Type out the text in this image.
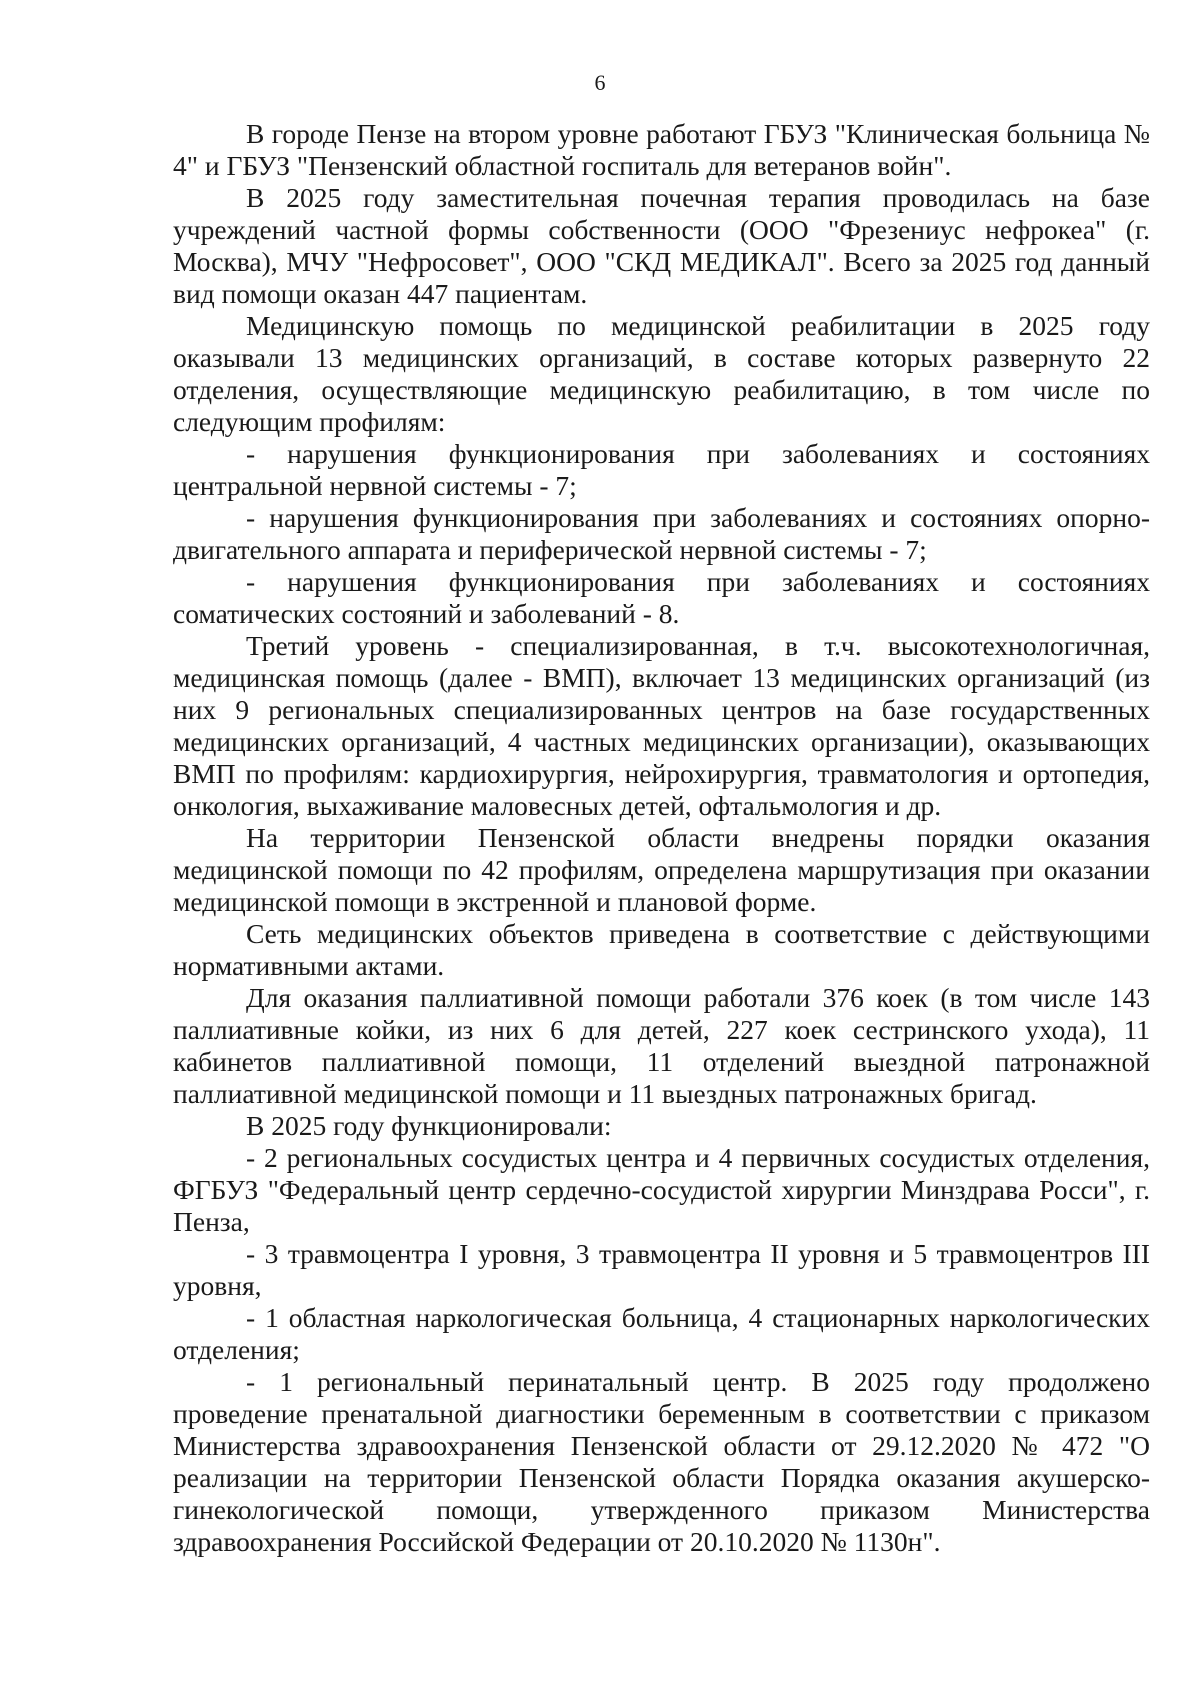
6

В городе Пензе на втором уровне работают ГБУЗ "Клиническая больница № 4" и ГБУЗ "Пензенский областной госпиталь для ветеранов войн".

В 2025 году заместительная почечная терапия проводилась на базе учреждений частной формы собственности (ООО "Фрезениус нефрокеа" (г. Москва), МЧУ "Нефросовет", ООО "СКД МЕДИКАЛ". Всего за 2025 год данный вид помощи оказан 447 пациентам.

Медицинскую помощь по медицинской реабилитации в 2025 году оказывали 13 медицинских организаций, в составе которых развернуто 22 отделения, осуществляющие медицинскую реабилитацию, в том числе по следующим профилям:

- нарушения функционирования при заболеваниях и состояниях центральной нервной системы - 7;

- нарушения функционирования при заболеваниях и состояниях опорно-двигательного аппарата и периферической нервной системы - 7;

- нарушения функционирования при заболеваниях и состояниях соматических состояний и заболеваний - 8.

Третий уровень - специализированная, в т.ч. высокотехнологичная, медицинская помощь (далее - ВМП), включает 13 медицинских организаций (из них 9 региональных специализированных центров на базе государственных медицинских организаций, 4 частных медицинских организации), оказывающих ВМП по профилям: кардиохирургия, нейрохирургия, травматология и ортопедия, онкология, выхаживание маловесных детей, офтальмология и др.

На территории Пензенской области внедрены порядки оказания медицинской помощи по 42 профилям, определена маршрутизация при оказании медицинской помощи в экстренной и плановой форме.

Сеть медицинских объектов приведена в соответствие с действующими нормативными актами.

Для оказания паллиативной помощи работали 376 коек (в том числе 143 паллиативные койки, из них 6 для детей, 227 коек сестринского ухода), 11 кабинетов паллиативной помощи, 11 отделений выездной патронажной паллиативной медицинской помощи и 11 выездных патронажных бригад.

В 2025 году функционировали:

- 2 региональных сосудистых центра и 4 первичных сосудистых отделения, ФГБУЗ "Федеральный центр сердечно-сосудистой хирургии Минздрава Росси", г. Пенза,

- 3 травмоцентра I уровня, 3 травмоцентра II уровня и 5 травмоцентров III уровня,

- 1 областная наркологическая больница, 4 стационарных наркологических отделения;

- 1 региональный перинатальный центр. В 2025 году продолжено проведение пренатальной диагностики беременным в соответствии с приказом Министерства здравоохранения Пензенской области от 29.12.2020 № 472 "О реализации на территории Пензенской области Порядка оказания акушерско-гинекологической помощи, утвержденного приказом Министерства здравоохранения Российской Федерации от 20.10.2020 № 1130н".
